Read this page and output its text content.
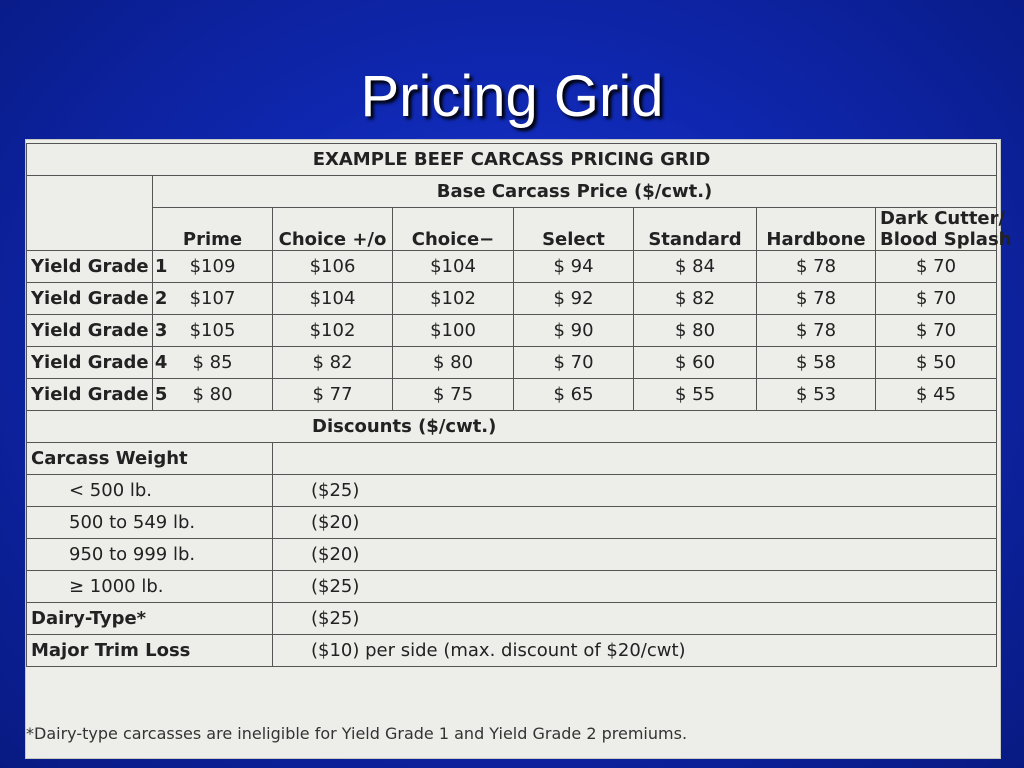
Pricing Grid
EXAMPLE BEEF CARCASS PRICING GRID							
	Base Carcass Price ($/cwt.)						
	Prime	Choice +/o	Choice−	Select	Standard	Hardbone	Dark Cutter/
Blood Splash

Yield Grade 1	$109	$106	$104	$ 94	$ 84	$ 78	$ 70
Yield Grade 2	$107	$104	$102	$ 92	$ 82	$ 78	$ 70
Yield Grade 3	$105	$102	$100	$ 90	$ 80	$ 78	$ 70
Yield Grade 4	$ 85	$ 82	$ 80	$ 70	$ 60	$ 58	$ 50
Yield Grade 5	$ 80	$ 77	$ 75	$ 65	$ 55	$ 53	$ 45
Discounts ($/cwt.)							
Carcass Weight							
< 500 lb.		($25)					
500 to 549 lb.		($20)					
950 to 999 lb.		($20)					
≥ 1000 lb.		($25)					
Dairy-Type*		($25)					
Major Trim Loss		($10) per side (max. discount of $20/cwt)					
*Dairy-type carcasses are ineligible for Yield Grade 1 and Yield Grade 2 premiums.
